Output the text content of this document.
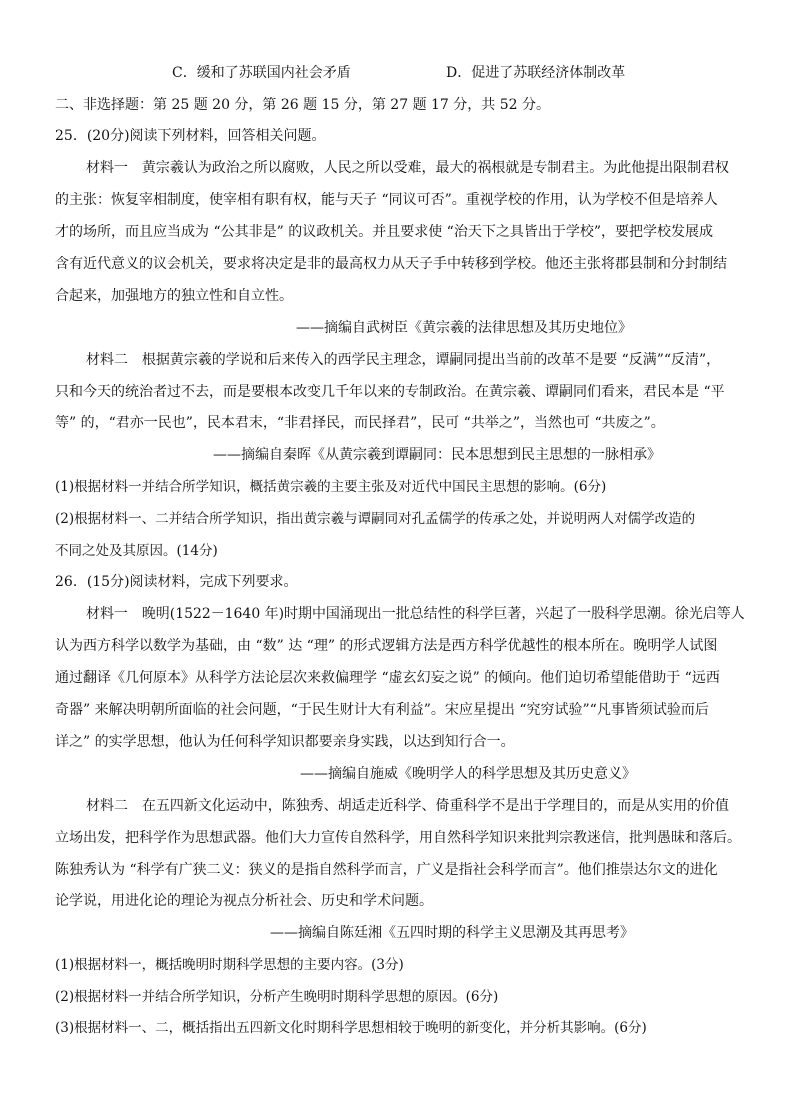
C．缓和了苏联国内社会矛盾	D．促进了苏联经济体制改革
二、非选择题：第 25 题 20 分，第 26 题 15 分，第 27 题 17 分，共 52 分。
25．(20分)阅读下列材料，回答相关问题。
材料一　黄宗羲认为政治之所以腐败，人民之所以受难，最大的祸根就是专制君主。为此他提出限制君权
的主张：恢复宰相制度，使宰相有职有权，能与天子 “同议可否”。重视学校的作用，认为学校不但是培养人
才的场所，而且应当成为 “公其非是” 的议政机关。并且要求使 “治天下之具皆出于学校”，要把学校发展成
含有近代意义的议会机关，要求将决定是非的最高权力从天子手中转移到学校。他还主张将郡县制和分封制结
合起来，加强地方的独立性和自立性。
——摘编自武树臣《黄宗羲的法律思想及其历史地位》
材料二　根据黄宗羲的学说和后来传入的西学民主理念，谭嗣同提出当前的改革不是要 “反满”“反清”，
只和今天的统治者过不去，而是要根本改变几千年以来的专制政治。在黄宗羲、谭嗣同们看来，君民本是 “平
等” 的，“君亦一民也”，民本君末，“非君择民，而民择君”，民可 “共举之”，当然也可 “共废之”。
——摘编自秦晖《从黄宗羲到谭嗣同：民本思想到民主思想的一脉相承》
(1)根据材料一并结合所学知识，概括黄宗羲的主要主张及对近代中国民主思想的影响。(6分)
(2)根据材料一、二并结合所学知识，指出黄宗羲与谭嗣同对孔孟儒学的传承之处，并说明两人对儒学改造的
不同之处及其原因。(14分)
26．(15分)阅读材料，完成下列要求。
材料一　晚明(1522－1640 年)时期中国涌现出一批总结性的科学巨著，兴起了一股科学思潮。徐光启等人
认为西方科学以数学为基础，由 “数” 达 “理” 的形式逻辑方法是西方科学优越性的根本所在。晚明学人试图
通过翻译《几何原本》从科学方法论层次来救偏理学 “虚玄幻妄之说” 的倾向。他们迫切希望能借助于 “远西
奇器” 来解决明朝所面临的社会问题，“于民生财计大有利益”。宋应星提出 “究穷试验”“凡事皆须试验而后
详之” 的实学思想，他认为任何科学知识都要亲身实践，以达到知行合一。
——摘编自施威《晚明学人的科学思想及其历史意义》
材料二　在五四新文化运动中，陈独秀、胡适走近科学、倚重科学不是出于学理目的，而是从实用的价值
立场出发，把科学作为思想武器。他们大力宣传自然科学，用自然科学知识来批判宗教迷信，批判愚昧和落后。
陈独秀认为 “科学有广狭二义：狭义的是指自然科学而言，广义是指社会科学而言”。他们推崇达尔文的进化
论学说，用进化论的理论为视点分析社会、历史和学术问题。
——摘编自陈廷湘《五四时期的科学主义思潮及其再思考》
(1)根据材料一，概括晚明时期科学思想的主要内容。(3分)
(2)根据材料一并结合所学知识，分析产生晚明时期科学思想的原因。(6分)
(3)根据材料一、二，概括指出五四新文化时期科学思想相较于晚明的新变化，并分析其影响。(6分)
